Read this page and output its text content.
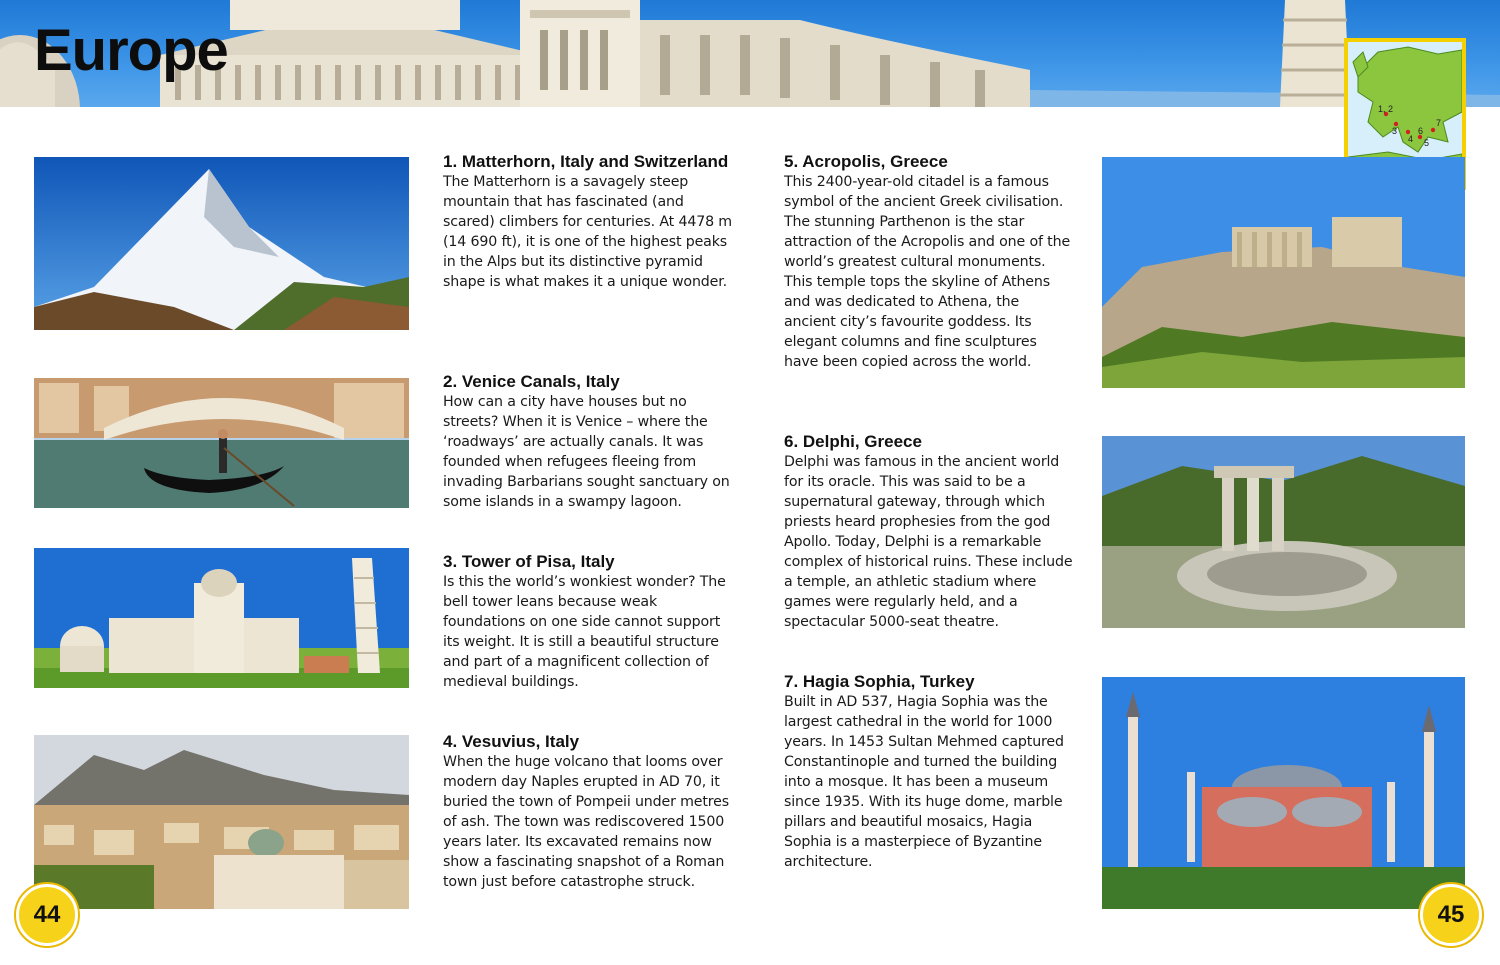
Europe
1, 2
3
4 5
6
7
1. Matterhorn, Italy and Switzerland

The Matterhorn is a savagely steep mountain that has fascinated (and scared) climbers for centuries. At 4478 m (14 690 ft), it is one of the highest peaks in the Alps but its distinctive pyramid shape is what makes it a unique wonder.

2. Venice Canals, Italy

How can a city have houses but no streets? When it is Venice – where the ‘roadways’ are actually canals. It was founded when refugees fleeing from invading Barbarians sought sanctuary on some islands in a swampy lagoon.

3. Tower of Pisa, Italy

Is this the world’s wonkiest wonder? The bell tower leans because weak foundations on one side cannot support its weight. It is still a beautiful structure and part of a magnificent collection of medieval buildings.

4. Vesuvius, Italy

When the huge volcano that looms over modern day Naples erupted in AD 70, it buried the town of Pompeii under metres of ash. The town was rediscovered 1500 years later. Its excavated remains now show a fascinating snapshot of a Roman town just before catastrophe struck.

5. Acropolis, Greece

This 2400-year-old citadel is a famous symbol of the ancient Greek civilisation. The stunning Parthenon is the star attraction of the Acropolis and one of the world’s greatest cultural monuments. This temple tops the skyline of Athens and was dedicated to Athena, the ancient city’s favourite goddess. Its elegant columns and fine sculptures have been copied across the world.

6. Delphi, Greece

Delphi was famous in the ancient world for its oracle. This was said to be a supernatural gateway, through which priests heard prophesies from the god Apollo. Today, Delphi is a remarkable complex of historical ruins. These include a temple, an athletic stadium where games were regularly held, and a spectacular 5000-seat theatre.

7. Hagia Sophia, Turkey

Built in AD 537, Hagia Sophia was the largest cathedral in the world for 1000 years. In 1453 Sultan Mehmed captured Constantinople and turned the building into a mosque. It has been a museum since 1935. With its huge dome, marble pillars and beautiful mosaics, Hagia Sophia is a masterpiece of Byzantine architecture.

44	45
